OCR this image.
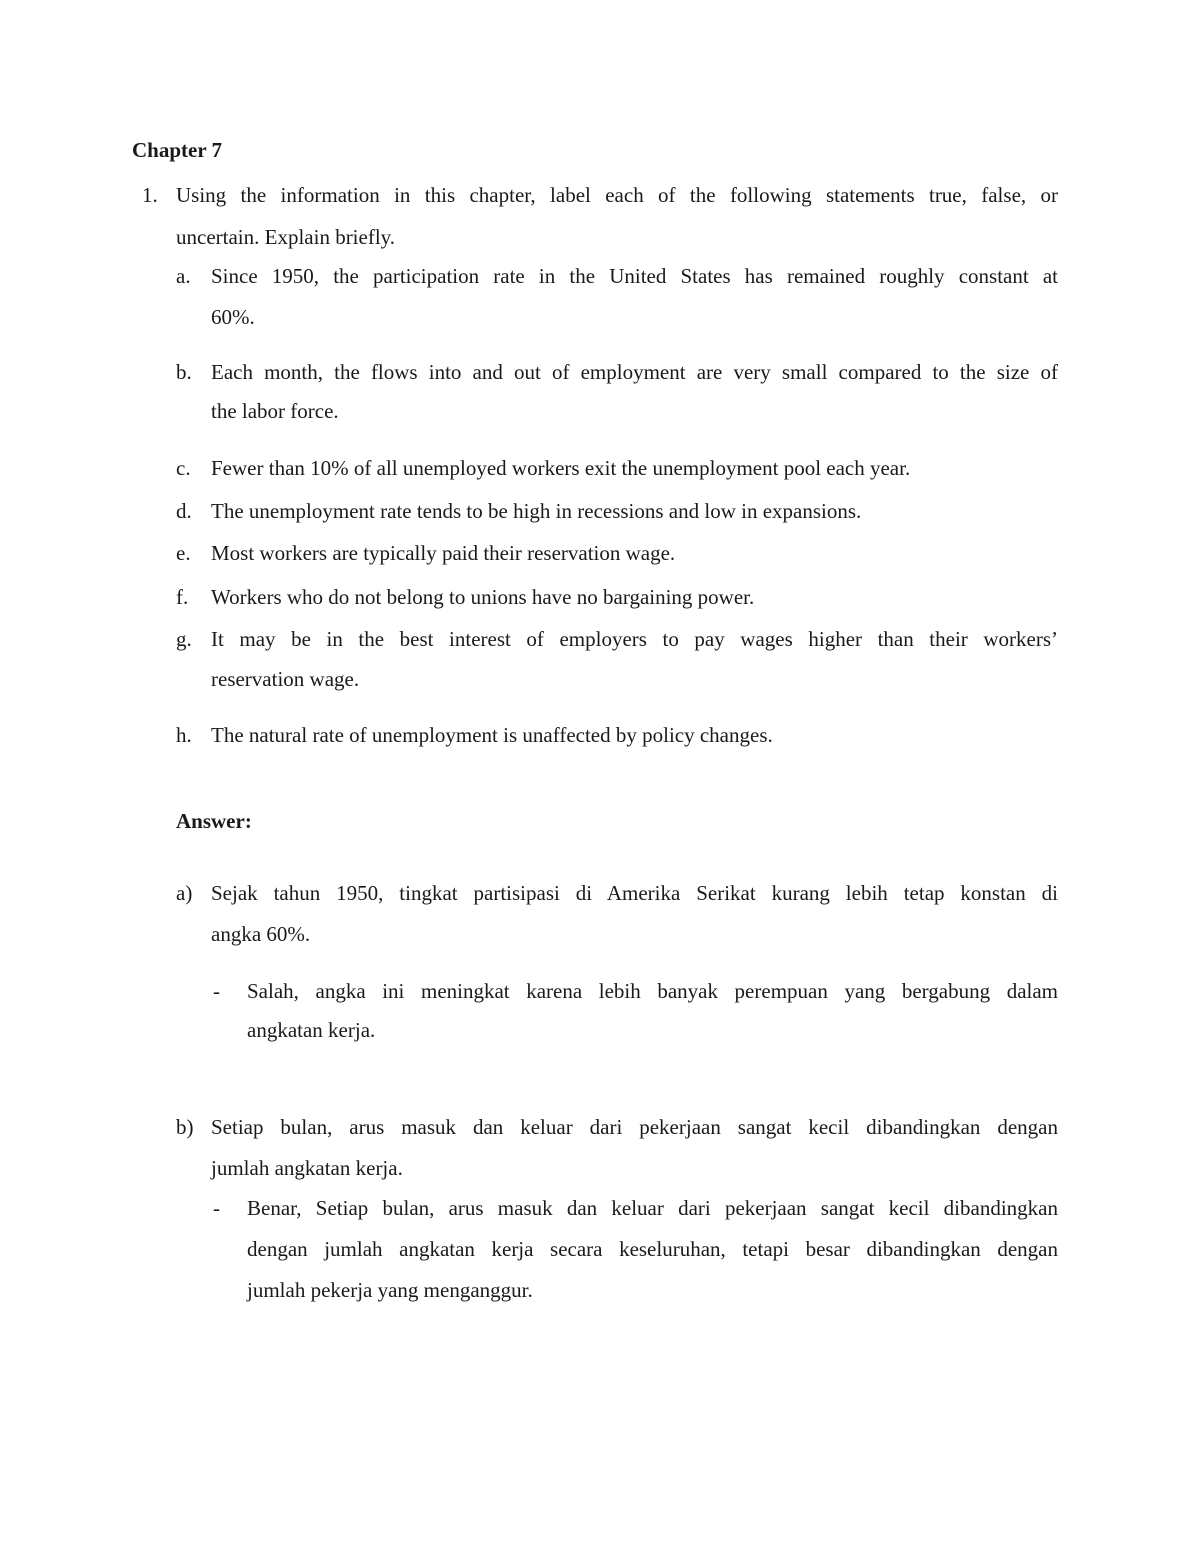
Chapter 7
1. Using the information in this chapter, label each of the following statements true, false, or
uncertain. Explain briefly.
a. Since 1950, the participation rate in the United States has remained roughly constant at
60%.
b. Each month, the flows into and out of employment are very small compared to the size of
the labor force.
c. Fewer than 10% of all unemployed workers exit the unemployment pool each year.
d. The unemployment rate tends to be high in recessions and low in expansions.
e. Most workers are typically paid their reservation wage.
f. Workers who do not belong to unions have no bargaining power.
g. It may be in the best interest of employers to pay wages higher than their workers’
reservation wage.
h. The natural rate of unemployment is unaffected by policy changes.
Answer:
a) Sejak tahun 1950, tingkat partisipasi di Amerika Serikat kurang lebih tetap konstan di
angka 60%.
- Salah, angka ini meningkat karena lebih banyak perempuan yang bergabung dalam
angkatan kerja.
b) Setiap bulan, arus masuk dan keluar dari pekerjaan sangat kecil dibandingkan dengan
jumlah angkatan kerja.
- Benar, Setiap bulan, arus masuk dan keluar dari pekerjaan sangat kecil dibandingkan
dengan jumlah angkatan kerja secara keseluruhan, tetapi besar dibandingkan dengan
jumlah pekerja yang menganggur.
